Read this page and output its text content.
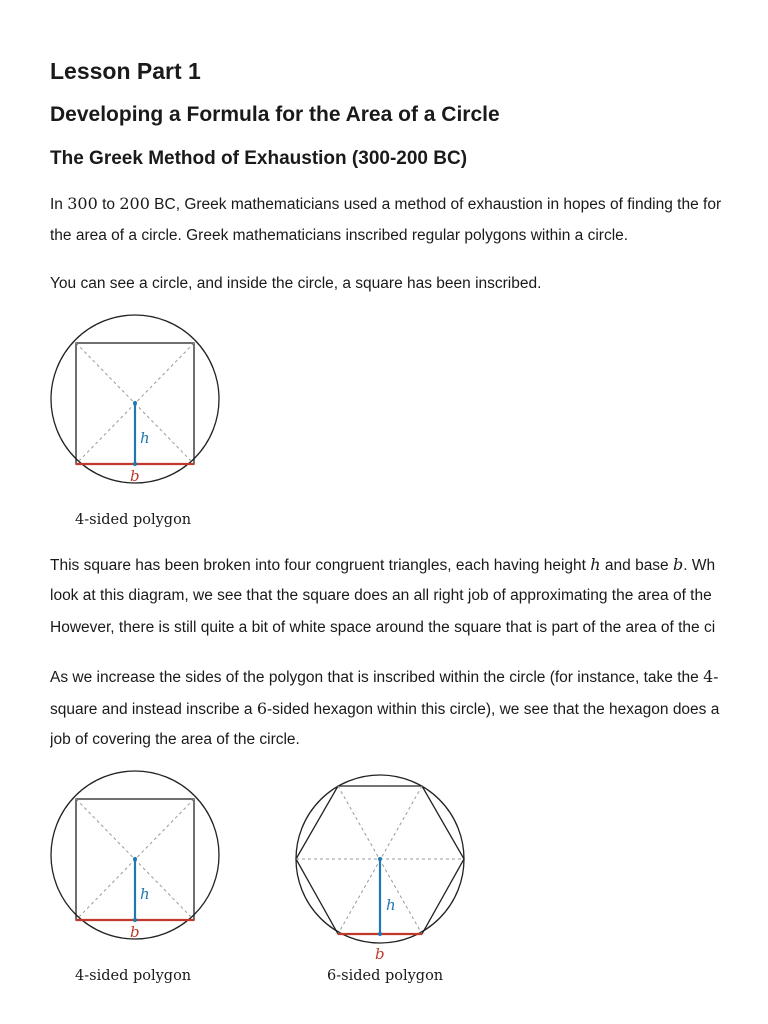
Lesson Part 1
Developing a Formula for the Area of a Circle
The Greek Method of Exhaustion (300-200 BC)

In 300 to 200 BC, Greek mathematicians used a method of exhaustion in hopes of finding the for

the area of a circle. Greek mathematicians inscribed regular polygons within a circle.

You can see a circle, and inside the circle, a square has been inscribed.

h
b
4-sided polygon

This square has been broken into four congruent triangles, each having height h and base b. Wh

look at this diagram, we see that the square does an all right job of approximating the area of the

However, there is still quite a bit of white space around the square that is part of the area of the ci

As we increase the sides of the polygon that is inscribed within the circle (for instance, take the 4-

square and instead inscribe a 6-sided hexagon within this circle), we see that the hexagon does a

job of covering the area of the circle.

h
b
4-sided polygon
h
b
6-sided polygon
